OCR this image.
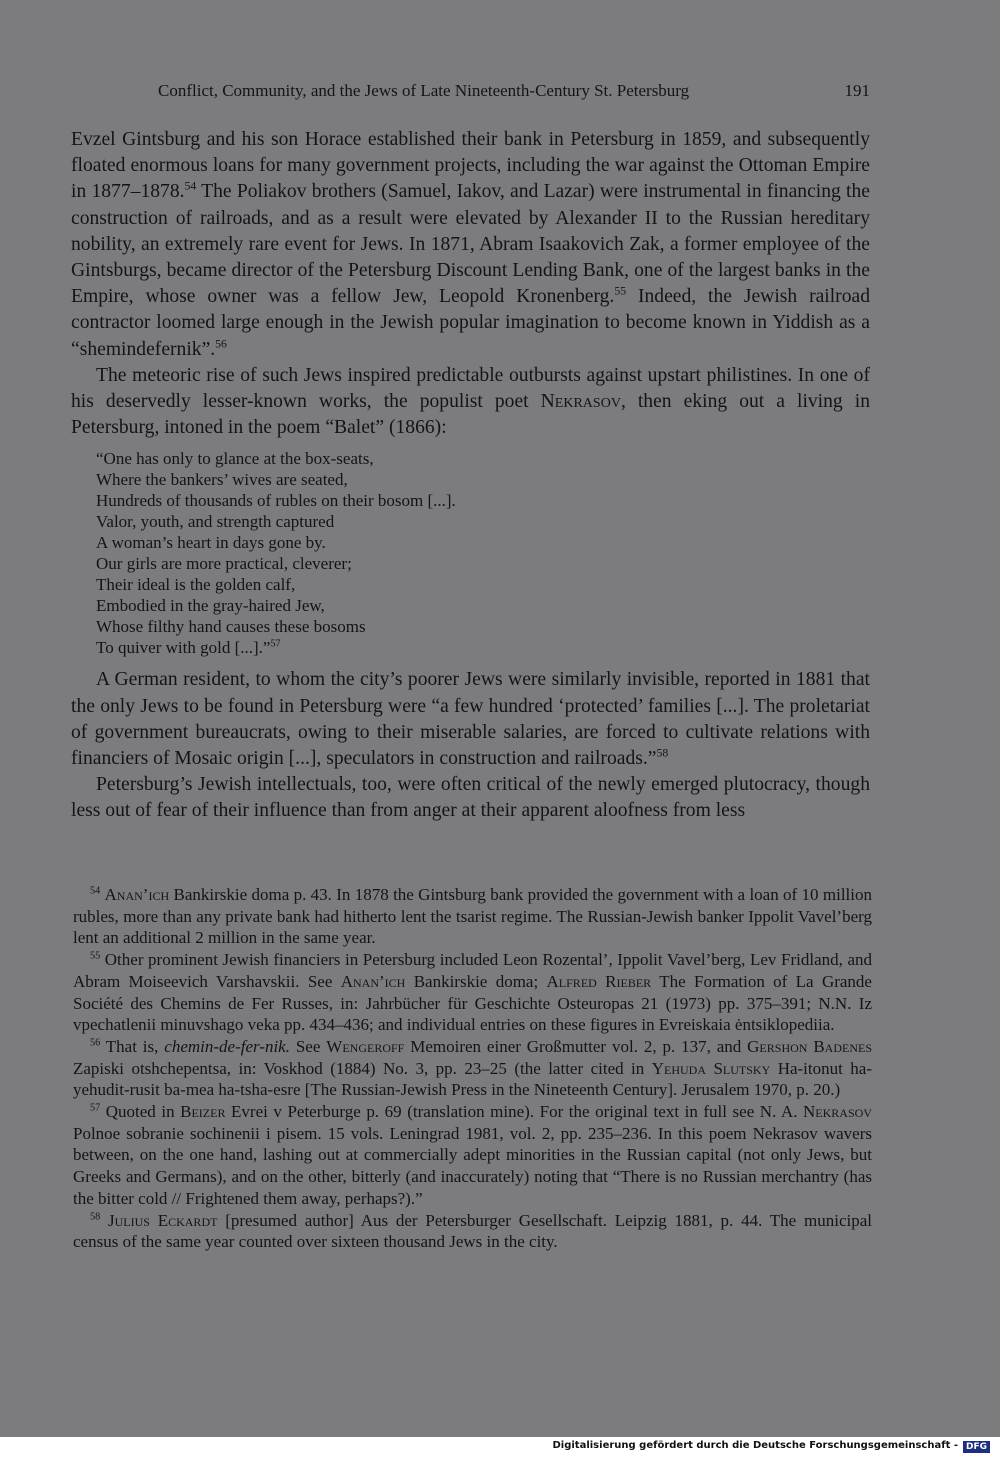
Conflict, Community, and the Jews of Late Nineteenth-Century St. Petersburg	191

Evzel Gintsburg and his son Horace established their bank in Petersburg in 1859, and subsequently floated enormous loans for many government projects, including the war against the Ottoman Empire in 1877–1878.54 The Poliakov brothers (Samuel, Iakov, and Lazar) were instrumental in financing the construction of railroads, and as a result were elevated by Alexander II to the Russian hereditary nobility, an extremely rare event for Jews. In 1871, Abram Isaakovich Zak, a former employee of the Gintsburgs, became director of the Petersburg Discount Lending Bank, one of the largest banks in the Empire, whose owner was a fellow Jew, Leopold Kronenberg.$^{55}$ Indeed, the Jewish railroad contractor loomed large enough in the Jewish popular imagination to become known in Yiddish as a “shemindefernik”.$^{56}$

The meteoric rise of such Jews inspired predictable outbursts against upstart philistines. In one of his deservedly lesser-known works, the populist poet Nekrasov, then eking out a living in Petersburg, intoned in the poem “Balet” (1866):

“One has only to glance at the box-seats,
Where the bankers’ wives are seated,
Hundreds of thousands of rubles on their bosom [...].
Valor, youth, and strength captured
A woman’s heart in days gone by.
Our girls are more practical, cleverer;
Their ideal is the golden calf,
Embodied in the gray-haired Jew,
Whose filthy hand causes these bosoms
To quiver with gold [...].”$^{57}$

A German resident, to whom the city’s poorer Jews were similarly invisible, reported in 1881 that the only Jews to be found in Petersburg were “a few hundred ‘protected’ families [...]. The proletariat of government bureaucrats, owing to their miserable salaries, are forced to cultivate relations with financiers of Mosaic origin [...], speculators in construction and railroads.”$^{58}$

Petersburg’s Jewish intellectuals, too, were often critical of the newly emerged plutocracy, though less out of fear of their influence than from anger at their apparent aloofness from less

$^{54}$ Anan’ich Bankirskie doma p. 43. In 1878 the Gintsburg bank provided the government with a loan of 10 million rubles, more than any private bank had hitherto lent the tsarist regime. The Russian-Jewish banker Ippolit Vavel’berg lent an additional 2 million in the same year.

$^{55}$ Other prominent Jewish financiers in Petersburg included Leon Rozental’, Ippolit Vavel’berg, Lev Fridland, and Abram Moiseevich Varshavskii. See Anan’ich Bankirskie doma; Alfred Rieber The Formation of La Grande Société des Chemins de Fer Russes, in: Jahrbücher für Geschichte Osteuropas 21 (1973) pp. 375–391; N.N. Iz vpechatlenii minuvshago veka pp. 434–436; and individual entries on these figures in Evreiskaia ėntsiklopediia.

$^{56}$ That is, chemin-de-fer-nik. See Wengeroff Memoiren einer Großmutter vol. 2, p. 137, and Gershon Badenes Zapiski otshchepentsa, in: Voskhod (1884) No. 3, pp. 23–25 (the latter cited in Yehuda Slutsky Ha-itonut ha-yehudit-rusit ba-mea ha-tsha-esre [The Russian-Jewish Press in the Nineteenth Century]. Jerusalem 1970, p. 20.)

$^{57}$ Quoted in Beizer Evrei v Peterburge p. 69 (translation mine). For the original text in full see N. A. Nekrasov Polnoe sobranie sochinenii i pisem. 15 vols. Leningrad 1981, vol. 2, pp. 235–236. In this poem Nekrasov wavers between, on the one hand, lashing out at commercially adept minorities in the Russian capital (not only Jews, but Greeks and Germans), and on the other, bitterly (and inaccurately) noting that “There is no Russian merchantry (has the bitter cold // Frightened them away, perhaps?).”

$^{58}$ Julius Eckardt [presumed author] Aus der Petersburger Gesellschaft. Leipzig 1881, p. 44. The municipal census of the same year counted over sixteen thousand Jews in the city.

Digitalisierung gefördert durch die Deutsche Forschungsgemeinschaft - DFG
